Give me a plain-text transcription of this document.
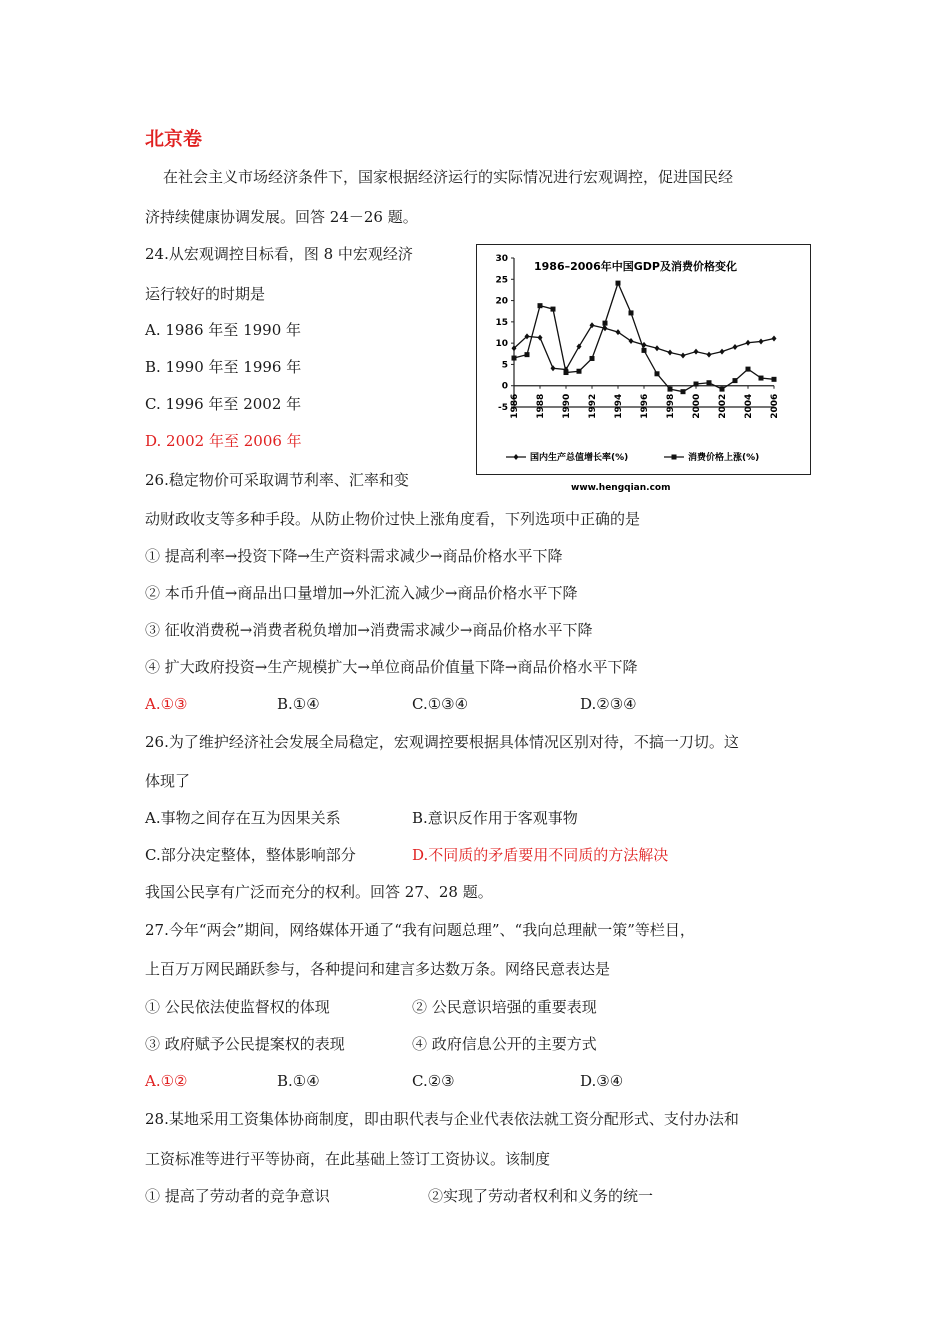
北京卷
在社会主义市场经济条件下，国家根据经济运行的实际情况进行宏观调控，促进国民经
济持续健康协调发展。回答 24－26 题。
24.从宏观调控目标看，图 8 中宏观经济
运行较好的时期是
A. 1986 年至 1990 年
B. 1990 年至 1996 年
C. 1996 年至 2002 年
D. 2002 年至 2006 年
1986–2006年中国GDP及消费价格变化
30
25
20
15
10
5
0
-5 1986 1988 1990 1992 1994 1996 1998 2000 2002 2004 2006
国内生产总值增长率(%)	消费价格上涨(%)
www.hengqian.com
26.稳定物价可采取调节利率、汇率和变
动财政收支等多种手段。从防止物价过快上涨角度看，下列选项中正确的是
① 提高利率→投资下降→生产资料需求减少→商品价格水平下降
② 本币升值→商品出口量增加→外汇流入减少→商品价格水平下降
③ 征收消费税→消费者税负增加→消费需求减少→商品价格水平下降
④ 扩大政府投资→生产规模扩大→单位商品价值量下降→商品价格水平下降
A.①③	B.①④	C.①③④	D.②③④
26.为了维护经济社会发展全局稳定，宏观调控要根据具体情况区别对待，不搞一刀切。这
体现了
A.事物之间存在互为因果关系	B.意识反作用于客观事物
C.部分决定整体，整体影响部分	D.不同质的矛盾要用不同质的方法解决
我国公民享有广泛而充分的权利。回答 27、28 题。
27.今年“两会”期间，网络媒体开通了“我有问题总理”、“我向总理献一策”等栏目，
上百万万网民踊跃参与，各种提问和建言多达数万条。网络民意表达是
① 公民依法使监督权的体现	② 公民意识培强的重要表现
③ 政府赋予公民提案权的表现	④ 政府信息公开的主要方式
A.①②	B.①④	C.②③	D.③④
28.某地采用工资集体协商制度，即由职代表与企业代表依法就工资分配形式、支付办法和
工资标准等进行平等协商，在此基础上签订工资协议。该制度
① 提高了劳动者的竞争意识	②实现了劳动者权利和义务的统一
